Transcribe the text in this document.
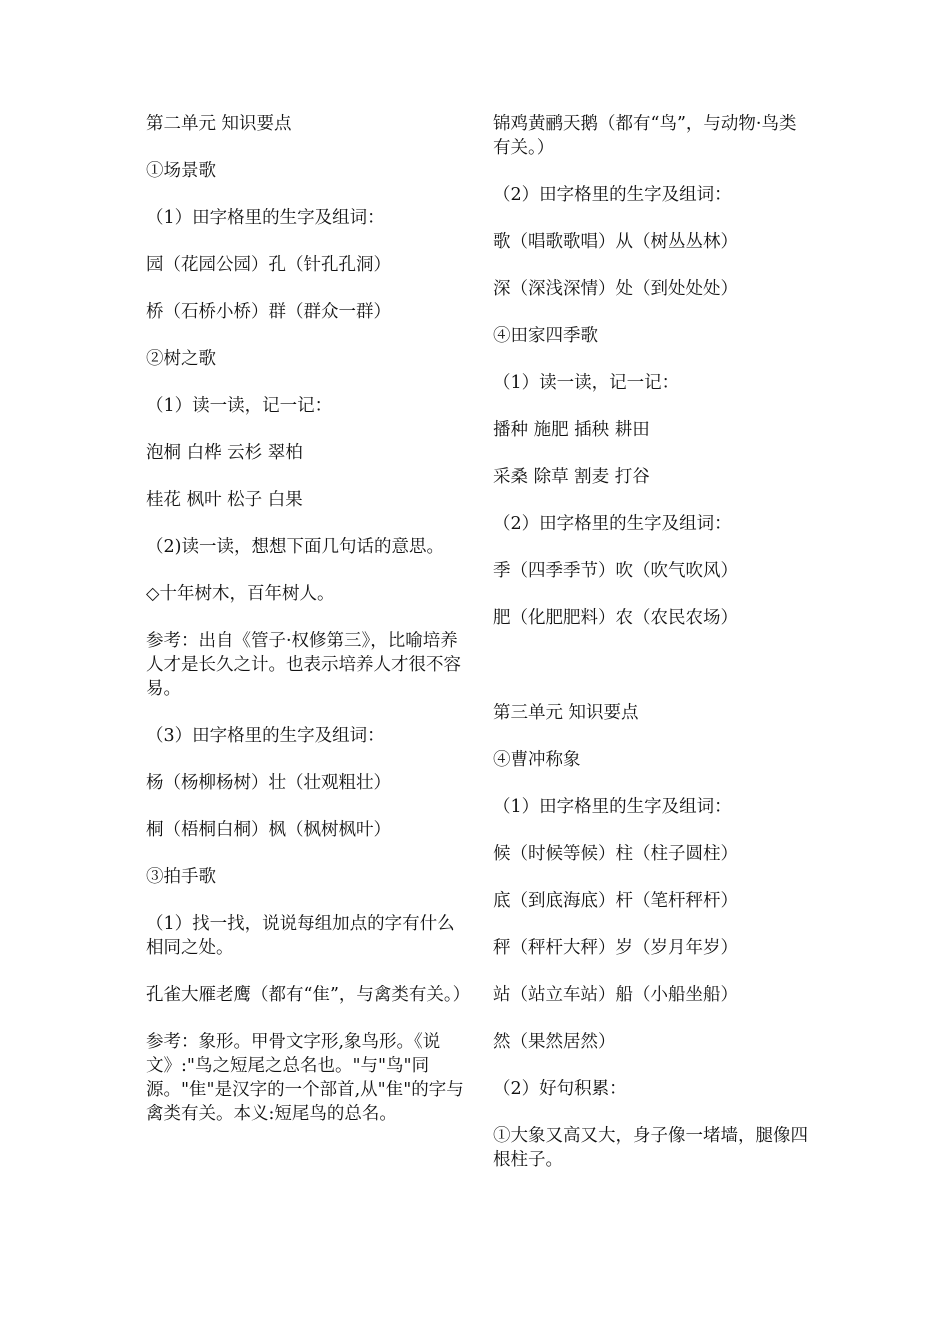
第二单元 知识要点

①场景歌

（1）田字格里的生字及组词：

园（花园公园）孔（针孔孔洞）

桥（石桥小桥）群（群众一群）

②树之歌

（1）读一读，记一记：

泡桐 白桦 云杉 翠柏

桂花 枫叶 松子 白果

（2)读一读，想想下面几句话的意思。

◇十年树木，百年树人。

参考：出自《管子·权修第三》，比喻培养人才是长久之计。也表示培养人才很不容易。

（3）田字格里的生字及组词：

杨（杨柳杨树）壮（壮观粗壮）

桐（梧桐白桐）枫（枫树枫叶）

③拍手歌

（1）找一找，说说每组加点的字有什么相同之处。

孔雀大雁老鹰（都有“隹”，与禽类有关。）

参考：象形。甲骨文字形,象鸟形。《说文》:"鸟之短尾之总名也。"与"鸟"同源。"隹"是汉字的一个部首,从"隹"的字与禽类有关。本义:短尾鸟的总名。

锦鸡黄鹂天鹅（都有“鸟”，与动物·鸟类有关。）

（2）田字格里的生字及组词：

歌（唱歌歌唱）从（树丛丛林）

深（深浅深情）处（到处处处）

④田家四季歌

（1）读一读，记一记：

播种 施肥 插秧 耕田

采桑 除草 割麦 打谷

（2）田字格里的生字及组词：

季（四季季节）吹（吹气吹风）

肥（化肥肥料）农（农民农场）

第三单元 知识要点

④曹冲称象

（1）田字格里的生字及组词：

候（时候等候）柱（柱子圆柱）

底（到底海底）杆（笔杆秤杆）

秤（秤杆大秤）岁（岁月年岁）

站（站立车站）船（小船坐船）

然（果然居然）

（2）好句积累：

①大象又高又大，身子像一堵墙，腿像四根柱子。
